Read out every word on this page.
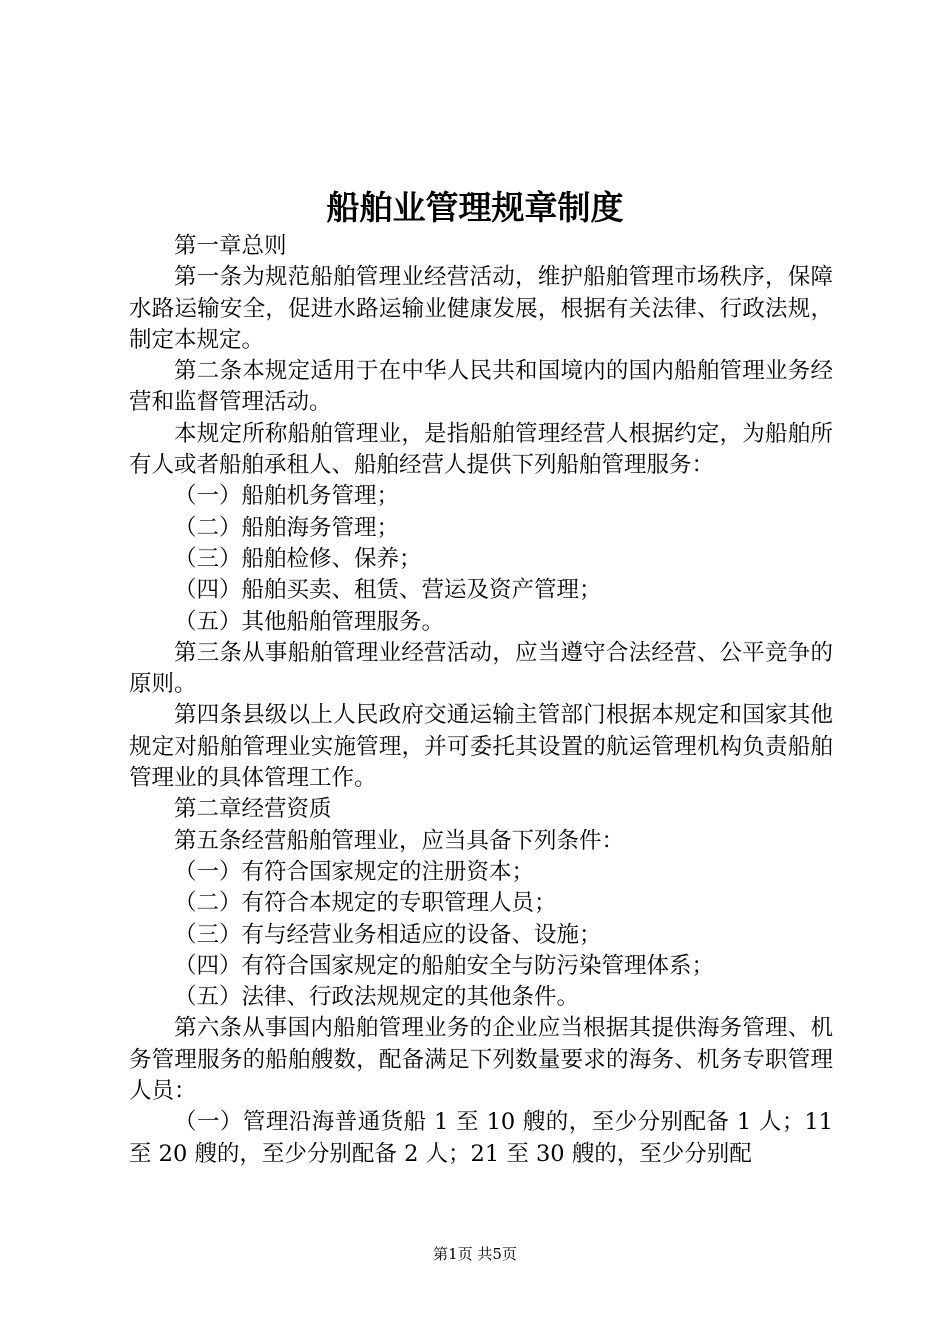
船舶业管理规章制度

第一章总则

第一条为规范船舶管理业经营活动，维护船舶管理市场秩序，保障水路运输安全，促进水路运输业健康发展，根据有关法律、行政法规，制定本规定。

第二条本规定适用于在中华人民共和国境内的国内船舶管理业务经营和监督管理活动。

本规定所称船舶管理业，是指船舶管理经营人根据约定，为船舶所有人或者船舶承租人、船舶经营人提供下列船舶管理服务：

（一）船舶机务管理；

（二）船舶海务管理；

（三）船舶检修、保养；

（四）船舶买卖、租赁、营运及资产管理；

（五）其他船舶管理服务。

第三条从事船舶管理业经营活动，应当遵守合法经营、公平竞争的原则。

第四条县级以上人民政府交通运输主管部门根据本规定和国家其他规定对船舶管理业实施管理，并可委托其设置的航运管理机构负责船舶管理业的具体管理工作。

第二章经营资质

第五条经营船舶管理业，应当具备下列条件：

（一）有符合国家规定的注册资本；

（二）有符合本规定的专职管理人员；

（三）有与经营业务相适应的设备、设施；

（四）有符合国家规定的船舶安全与防污染管理体系；

（五）法律、行政法规规定的其他条件。

第六条从事国内船舶管理业务的企业应当根据其提供海务管理、机务管理服务的船舶艘数，配备满足下列数量要求的海务、机务专职管理人员：

（一）管理沿海普通货船 1 至 10 艘的，至少分别配备 1 人；11 至 20 艘的，至少分别配备 2 人；21 至 30 艘的，至少分别配

第1页 共5页
